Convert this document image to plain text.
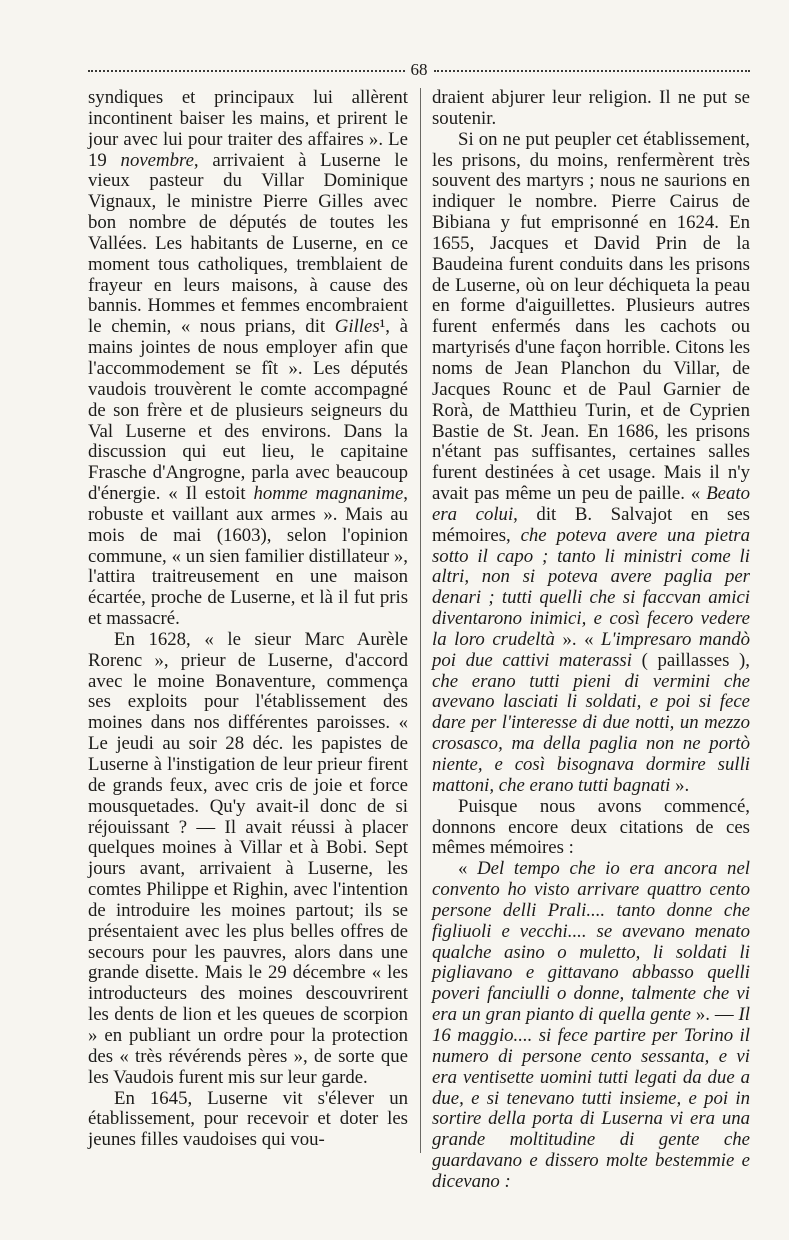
68

syndiques et principaux lui allèrent incontinent baiser les mains, et prirent le jour avec lui pour traiter des affaires ». Le 19 novembre, arrivaient à Luserne le vieux pasteur du Villar Dominique Vignaux, le ministre Pierre Gilles avec bon nombre de députés de toutes les Vallées. Les habitants de Luserne, en ce moment tous catholiques, tremblaient de frayeur en leurs maisons, à cause des bannis. Hommes et femmes encombraient le chemin, « nous prians, dit Gilles¹, à mains jointes de nous employer afin que l'accommodement se fît ». Les députés vaudois trouvèrent le comte accompagné de son frère et de plusieurs seigneurs du Val Luserne et des environs. Dans la discussion qui eut lieu, le capitaine Frasche d'Angrogne, parla avec beaucoup d'énergie. « Il estoit homme magnanime, robuste et vaillant aux armes ». Mais au mois de mai (1603), selon l'opinion commune, « un sien familier distillateur », l'attira traitreusement en une maison écartée, proche de Luserne, et là il fut pris et massacré.

En 1628, « le sieur Marc Aurèle Rorenc », prieur de Luserne, d'accord avec le moine Bonaventure, commença ses exploits pour l'établissement des moines dans nos différentes paroisses. « Le jeudi au soir 28 déc. les papistes de Luserne à l'instigation de leur prieur firent de grands feux, avec cris de joie et force mousquetades. Qu'y avait-il donc de si réjouissant ? — Il avait réussi à placer quelques moines à Villar et à Bobi. Sept jours avant, arrivaient à Luserne, les comtes Philippe et Righin, avec l'intention de introduire les moines partout; ils se présentaient avec les plus belles offres de secours pour les pauvres, alors dans une grande disette. Mais le 29 décembre « les introducteurs des moines descouvrirent les dents de lion et les queues de scorpion » en publiant un ordre pour la protection des « très révérends pères », de sorte que les Vaudois furent mis sur leur garde.

En 1645, Luserne vit s'élever un établissement, pour recevoir et doter les jeunes filles vaudoises qui vou-

draient abjurer leur religion. Il ne put se soutenir.

Si on ne put peupler cet établissement, les prisons, du moins, renfermèrent très souvent des martyrs ; nous ne saurions en indiquer le nombre. Pierre Cairus de Bibiana y fut emprisonné en 1624. En 1655, Jacques et David Prin de la Baudeina furent conduits dans les prisons de Luserne, où on leur déchiqueta la peau en forme d'aiguillettes. Plusieurs autres furent enfermés dans les cachots ou martyrisés d'une façon horrible. Citons les noms de Jean Planchon du Villar, de Jacques Rounc et de Paul Garnier de Rorà, de Matthieu Turin, et de Cyprien Bastie de St. Jean. En 1686, les prisons n'étant pas suffisantes, certaines salles furent destinées à cet usage. Mais il n'y avait pas même un peu de paille. « Beato era colui, dit B. Salvajot en ses mémoires, che poteva avere una pietra sotto il capo ; tanto li ministri come li altri, non si poteva avere paglia per denari ; tutti quelli che si faccvan amici diventarono inimici, e così fecero vedere la loro crudeltà ». « L'impresaro mandò poi due cattivi materassi ( paillasses ), che erano tutti pieni di vermini che avevano lasciati li soldati, e poi si fece dare per l'interesse di due notti, un mezzo crosasco, ma della paglia non ne portò niente, e così bisognava dormire sulli mattoni, che erano tutti bagnati ».

Puisque nous avons commencé, donnons encore deux citations de ces mêmes mémoires :

« Del tempo che io era ancora nel convento ho visto arrivare quattro cento persone delli Prali.... tanto donne che figliuoli e vecchi.... se avevano menato qualche asino o muletto, li soldati li pigliavano e gittavano abbasso quelli poveri fanciulli o donne, talmente che vi era un gran pianto di quella gente ». — Il 16 maggio.... si fece partire per Torino il numero di persone cento sessanta, e vi era ventisette uomini tutti legati da due a due, e si tenevano tutti insieme, e poi in sortire della porta di Luserna vi era una grande moltitudine di gente che guardavano e dissero molte bestemmie e dicevano :
